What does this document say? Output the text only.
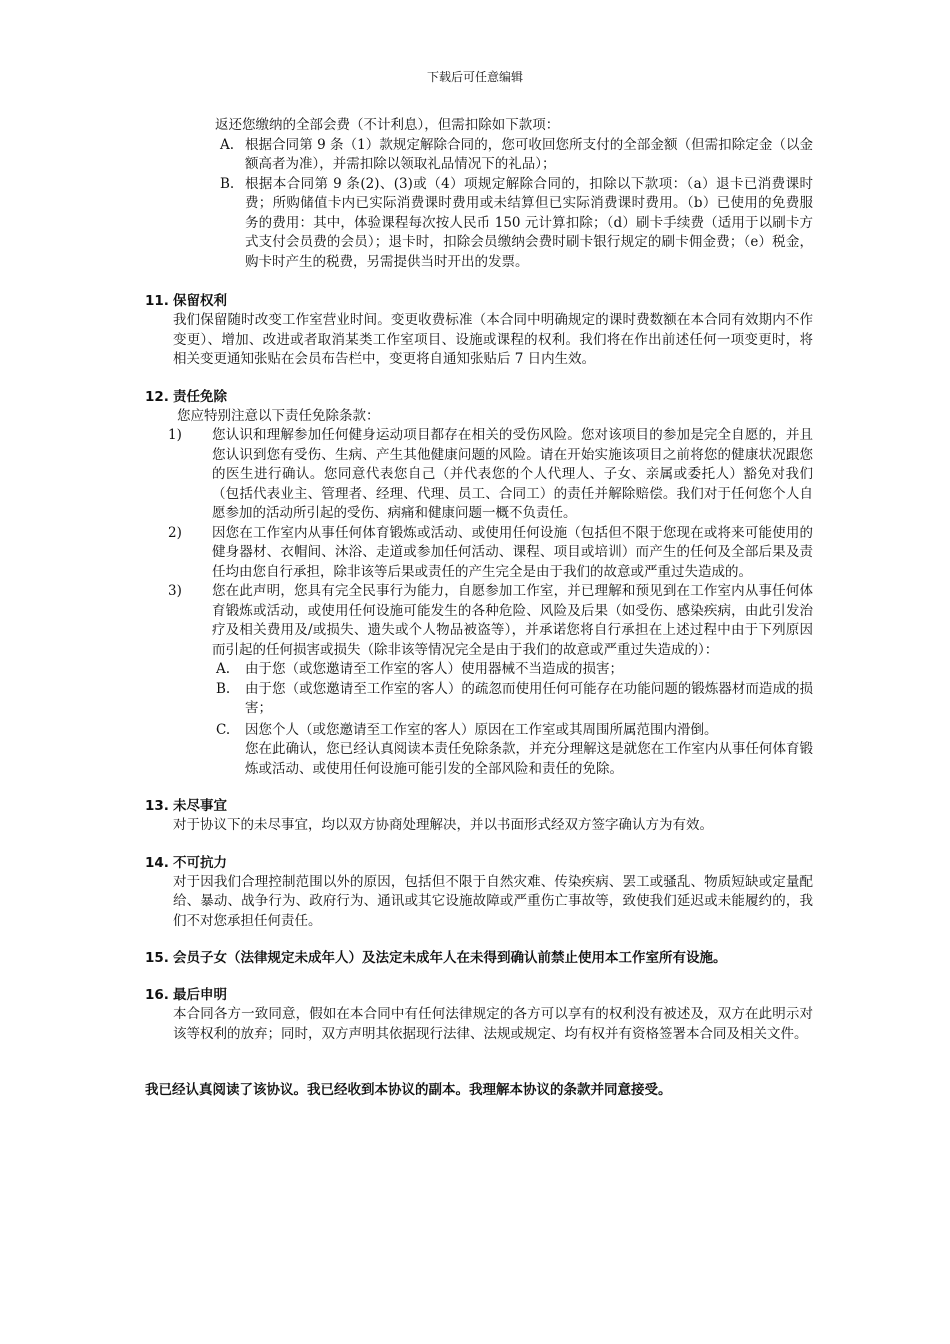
下载后可任意编辑

返还您缴纳的全部会费（不计利息），但需扣除如下款项：

A. 根据合同第 9 条（1）款规定解除合同的，您可收回您所支付的全部金额（但需扣除定金（以金额高者为准），并需扣除以领取礼品情况下的礼品）；

B. 根据本合同第 9 条(2)、(3)或（4）项规定解除合同的，扣除以下款项：（a）退卡已消费课时费；所购储值卡内已实际消费课时费用或未结算但已实际消费课时费用。（b）已使用的免费服务的费用：其中，体验课程每次按人民币 150 元计算扣除；（d）刷卡手续费（适用于以刷卡方式支付会员费的会员）；退卡时，扣除会员缴纳会费时刷卡银行规定的刷卡佣金费；（e）税金，购卡时产生的税费，另需提供当时开出的发票。

11. 保留权利

我们保留随时改变工作室营业时间。变更收费标准（本合同中明确规定的课时费数额在本合同有效期内不作变更）、增加、改进或者取消某类工作室项目、设施或课程的权利。我们将在作出前述任何一项变更时，将相关变更通知张贴在会员布告栏中，变更将自通知张贴后 7 日内生效。

12. 责任免除

您应特别注意以下责任免除条款：

1)	您认识和理解参加任何健身运动项目都存在相关的受伤风险。您对该项目的参加是完全自愿的，并且您认识到您有受伤、生病、产生其他健康问题的风险。请在开始实施该项目之前将您的健康状况跟您的医生进行确认。您同意代表您自己（并代表您的个人代理人、子女、亲属或委托人）豁免对我们（包括代表业主、管理者、经理、代理、员工、合同工）的责任并解除赔偿。我们对于任何您个人自愿参加的活动所引起的受伤、病痛和健康问题一概不负责任。

2)	因您在工作室内从事任何体育锻炼或活动、或使用任何设施（包括但不限于您现在或将来可能使用的健身器材、衣帽间、沐浴、走道或参加任何活动、课程、项目或培训）而产生的任何及全部后果及责任均由您自行承担，除非该等后果或责任的产生完全是由于我们的故意或严重过失造成的。

3)	您在此声明，您具有完全民事行为能力，自愿参加工作室，并已理解和预见到在工作室内从事任何体育锻炼或活动，或使用任何设施可能发生的各种危险、风险及后果（如受伤、感染疾病，由此引发治疗及相关费用及/或损失、遗失或个人物品被盗等），并承诺您将自行承担在上述过程中由于下列原因而引起的任何损害或损失（除非该等情况完全是由于我们的故意或严重过失造成的）：

A.	由于您（或您邀请至工作室的客人）使用器械不当造成的损害；

B.	由于您（或您邀请至工作室的客人）的疏忽而使用任何可能存在功能问题的锻炼器材而造成的损害；

C.	因您个人（或您邀请至工作室的客人）原因在工作室或其周围所属范围内滑倒。

您在此确认，您已经认真阅读本责任免除条款，并充分理解这是就您在工作室内从事任何体育锻炼或活动、或使用任何设施可能引发的全部风险和责任的免除。

13. 未尽事宜

对于协议下的未尽事宜，均以双方协商处理解决，并以书面形式经双方签字确认方为有效。

14. 不可抗力

对于因我们合理控制范围以外的原因，包括但不限于自然灾难、传染疾病、罢工或骚乱、物质短缺或定量配给、暴动、战争行为、政府行为、通讯或其它设施故障或严重伤亡事故等，致使我们延迟或未能履约的，我们不对您承担任何责任。

15. 会员子女（法律规定未成年人）及法定未成年人在未得到确认前禁止使用本工作室所有设施。
16. 最后申明

本合同各方一致同意，假如在本合同中有任何法律规定的各方可以享有的权利没有被述及，双方在此明示对该等权利的放弃；同时，双方声明其依据现行法律、法规或规定、均有权并有资格签署本合同及相关文件。

我已经认真阅读了该协议。我已经收到本协议的副本。我理解本协议的条款并同意接受。
